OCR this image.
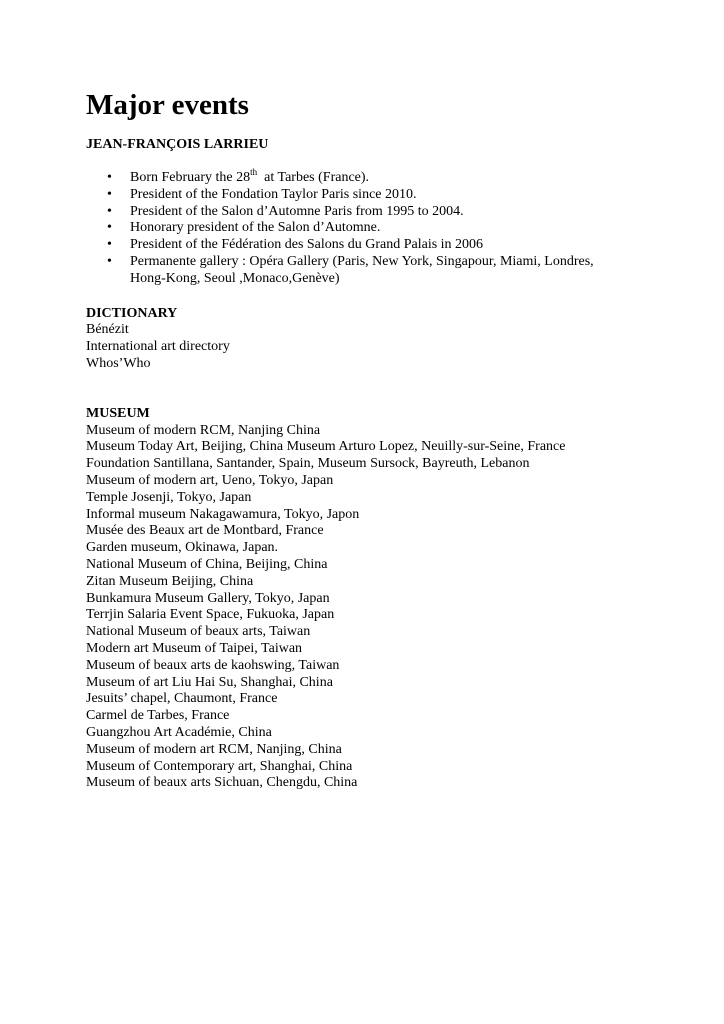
Major events
JEAN-FRANÇOIS LARRIEU
• Born February the 28th  at Tarbes (France).
• President of the Fondation Taylor Paris since 2010.
• President of the Salon d’Automne Paris from 1995 to 2004.
• Honorary president of the Salon d’Automne.
• President of the Fédération des Salons du Grand Palais in 2006
• Permanente gallery : Opéra Gallery (Paris, New York, Singapour, Miami, Londres,
Hong-Kong, Seoul ,Monaco,Genève)
DICTIONARY
Bénézit
International art directory
Whos’Who
MUSEUM
Museum of modern RCM, Nanjing China
Museum Today Art, Beijing, China Museum Arturo Lopez, Neuilly-sur-Seine, France
Foundation Santillana, Santander, Spain, Museum Sursock, Bayreuth, Lebanon
Museum of modern art, Ueno, Tokyo, Japan
Temple Josenji, Tokyo, Japan
Informal museum Nakagawamura, Tokyo, Japon
Musée des Beaux art de Montbard, France
Garden museum, Okinawa, Japan.
National Museum of China, Beijing, China
Zitan Museum Beijing, China
Bunkamura Museum Gallery, Tokyo, Japan
Terrjin Salaria Event Space, Fukuoka, Japan
National Museum of beaux arts, Taiwan
Modern art Museum of Taipei, Taiwan
Museum of beaux arts de kaohswing, Taiwan
Museum of art Liu Hai Su, Shanghai, China
Jesuits’ chapel, Chaumont, France
Carmel de Tarbes, France
Guangzhou Art Académie, China
Museum of modern art RCM, Nanjing, China
Museum of Contemporary art, Shanghai, China
Museum of beaux arts Sichuan, Chengdu, China
